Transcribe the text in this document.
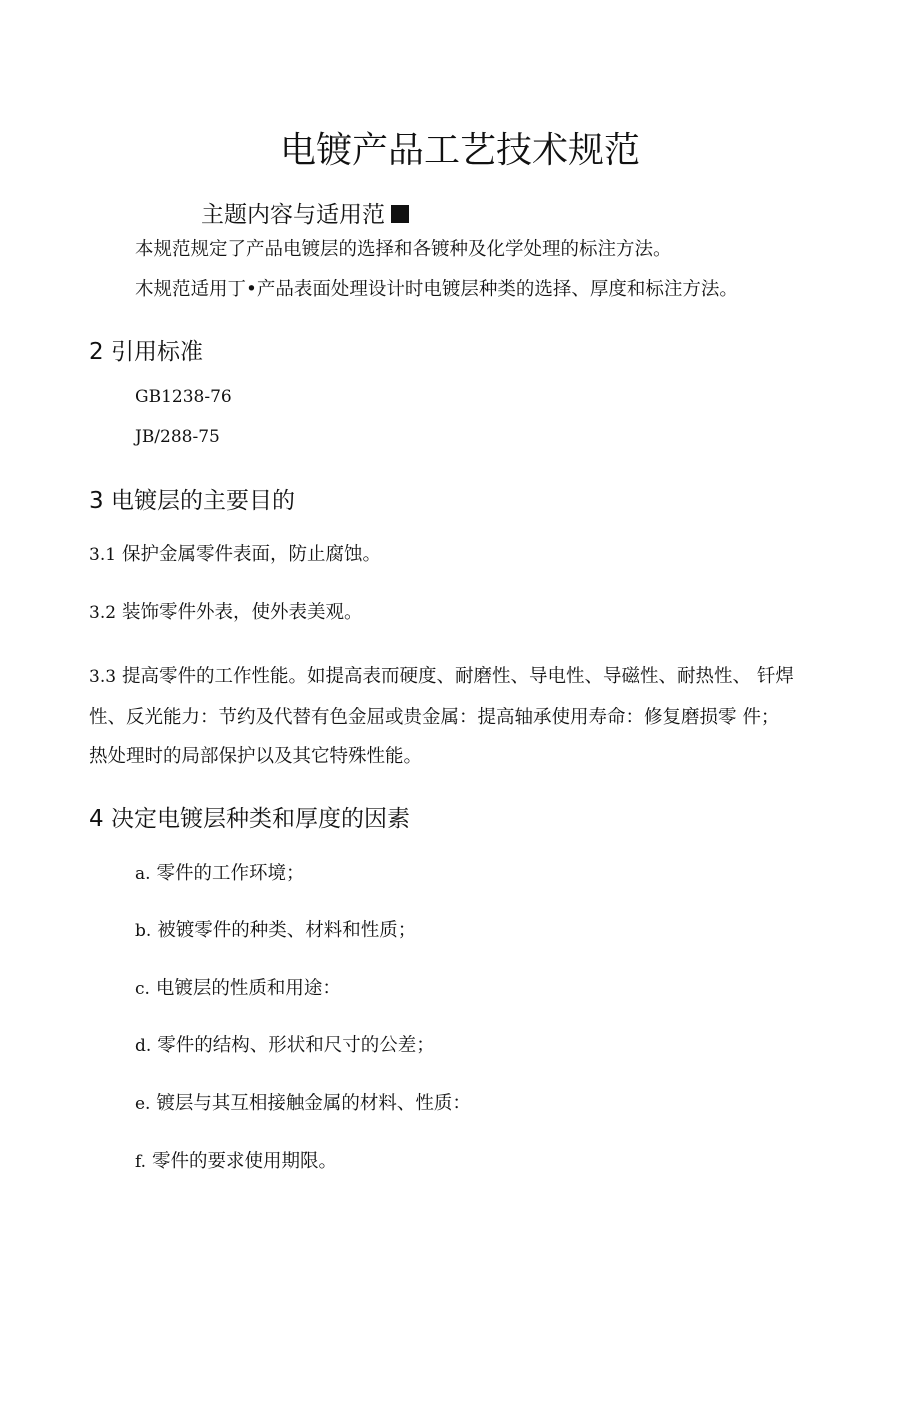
电镀产品工艺技术规范
主题内容与适用范
本规范规定了产品电镀层的选择和各镀种及化学处理的标注方法。
木规范适用丁•产品表面处理设计时电镀层种类的选择、厚度和标注方法。
2 引用标准
GB1238-76
JB/288-75
3 电镀层的主要目的
3.1 保护金属零件表面，防止腐蚀。
3.2 装饰零件外表，使外表美观。
3.3 提高零件的工作性能。如提高表而硬度、耐磨性、导电性、导磁性、耐热性、 钎焊
性、反光能力：节约及代替有色金屈或贵金属：提高轴承使用寿命：修复磨损零 件；
热处理时的局部保护以及其它特殊性能。
4 决定电镀层种类和厚度的因素
a. 零件的工作环境；
b. 被镀零件的种类、材料和性质；
c. 电镀层的性质和用途：
d. 零件的结构、形状和尺寸的公差；
e. 镀层与其互相接触金属的材料、性质：
f. 零件的要求使用期限。
